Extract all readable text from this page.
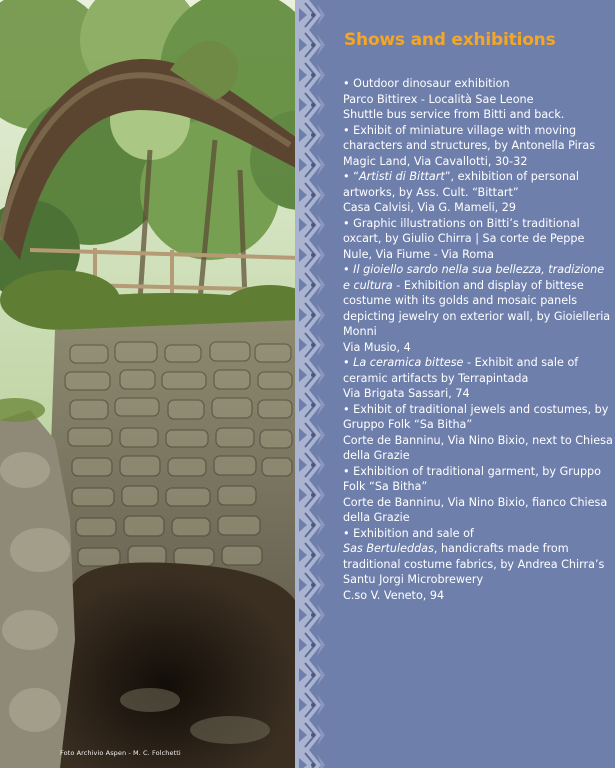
Foto Archivio Aspen - M. C. Folchetti
Shows and exhibitions

• Outdoor dinosaur exhibition
Parco Bittirex - Località Sae Leone
Shuttle bus service from Bitti and back.

• Exhibit of miniature village with moving characters and structures, by Antonella Piras
Magic Land, Via Cavallotti, 30-32

• “Artisti di Bittart”, exhibition of personal artworks, by Ass. Cult. “Bittart”
Casa Calvisi, Via G. Mameli, 29

• Graphic illustrations on Bitti’s traditional oxcart, by Giulio Chirra | Sa corte de Peppe Nule, Via Fiume - Via Roma

• Il gioiello sardo nella sua bellezza, tradizione e cultura - Exhibition and display of bittese costume with its golds and mosaic panels depicting jewelry on exterior wall, by Gioielleria Monni
Via Musio, 4

• La ceramica bittese - Exhibit and sale of ceramic artifacts by Terrapintada
Via Brigata Sassari, 74

• Exhibit of traditional jewels and costumes, by Gruppo Folk “Sa Bitha”
Corte de Banninu, Via Nino Bixio, next to Chiesa della Grazie

• Exhibition of traditional garment, by Gruppo Folk “Sa Bitha”
Corte de Banninu, Via Nino Bixio, fianco Chiesa della Grazie

• Exhibition and sale of
Sas Bertuleddas, handicrafts made from traditional costume fabrics, by Andrea Chirra’s Santu Jorgi Microbrewery
C.so V. Veneto, 94
